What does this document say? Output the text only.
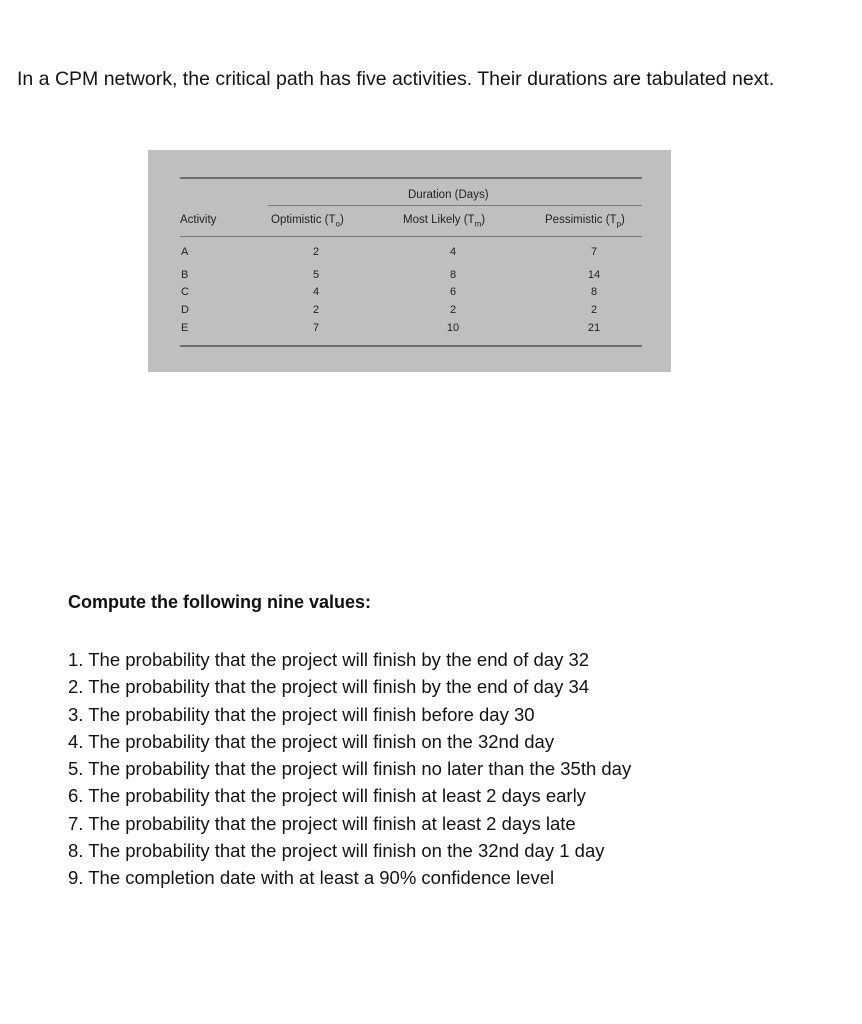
In a CPM network, the critical path has five activities. Their durations are tabulated next.
Duration (Days)
Activity	Optimistic $(T_o)$	Most Likely $(T_m)$	Pessimistic $(T_p)$
A	2	4	7
B	5	8	14
C	4	6	8
D	2	2	2
E	7	10	21
Compute the following nine values:
1. The probability that the project will finish by the end of day 32
2. The probability that the project will finish by the end of day 34
3. The probability that the project will finish before day 30
4. The probability that the project will finish on the 32nd day
5. The probability that the project will finish no later than the 35th day
6. The probability that the project will finish at least 2 days early
7. The probability that the project will finish at least 2 days late
8. The probability that the project will finish on the 32nd day 1 day
9. The completion date with at least a 90% confidence level
